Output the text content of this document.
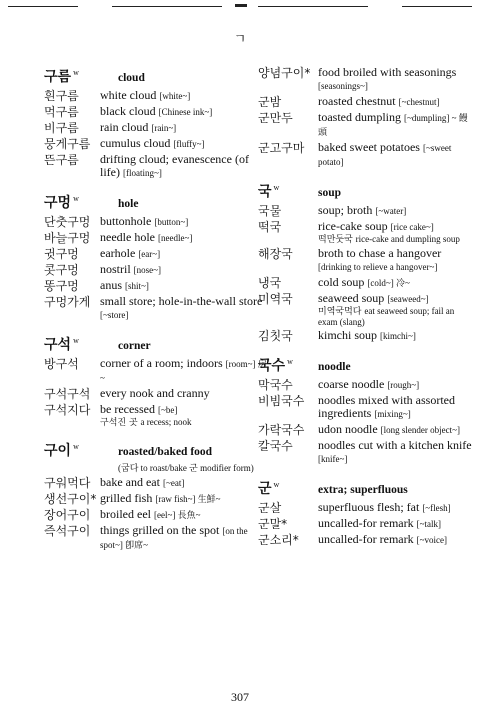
ㄱ
구름 $^w$	cloud
흰구름	white cloud [white~]
먹구름	black cloud [Chinese ink~]
비구름	rain cloud [rain~]
뭉게구름 cumulus cloud [fluffy~]
뜬구름	drifting cloud; evanescence (of life) [floating~]
구멍 $^w$	hole
단춧구멍 buttonhole [button~]
바늘구멍 needle hole [needle~]
귓구멍	earhole [ear~]
콧구멍	nostril [nose~]
똥구멍	anus [shit~]
구멍가게 small store; hole-in-the-wall store [~store]
구석 $^w$	corner
방구석	corner of a room; indoors [room~] 房~
구석구석 every nook and cranny
구석지다 be recessed [~be]
구석진 곳 a recess; nook
구이 $^w$	roasted/baked food
(굽다 to roast/bake 군 modifier form)
구워먹다 bake and eat [~eat]
생선구이* grilled fish [raw fish~] 生鮮~
장어구이 broiled eel [eel~] 長魚~
즉석구이 things grilled on the spot [on the spot~] 卽席~
양념구이* food broiled with seasonings [seasonings~]
군밤	roasted chestnut [~chestnut]
군만두	toasted dumpling [~dumpling] ~ 饅頭
군고구마	baked sweet potatoes [~sweet potato]
국 $^w$	soup
국물	soup; broth [~water]
떡국	rice-cake soup [rice cake~]
떡만둣국 rice-cake and dumpling soup
해장국	broth to chase a hangover [drinking to relieve a hangover~]
냉국	cold soup [cold~] 冷~
미역국	seaweed soup [seaweed~]
미역국먹다 eat seaweed soup; fail an exam (slang)
김칫국	kimchi soup [kimchi~]
국수 $^w$	noodle
막국수	coarse noodle [rough~]
비빔국수	noodles mixed with assorted ingredients [mixing~]
가락국수	udon noodle [long slender object~]
칼국수	noodles cut with a kitchen knife [knife~]
군 $^w$	extra; superfluous
군살	superfluous flesh; fat [~flesh]
군말*	uncalled-for remark [~talk]
군소리*	uncalled-for remark [~voice]
307
